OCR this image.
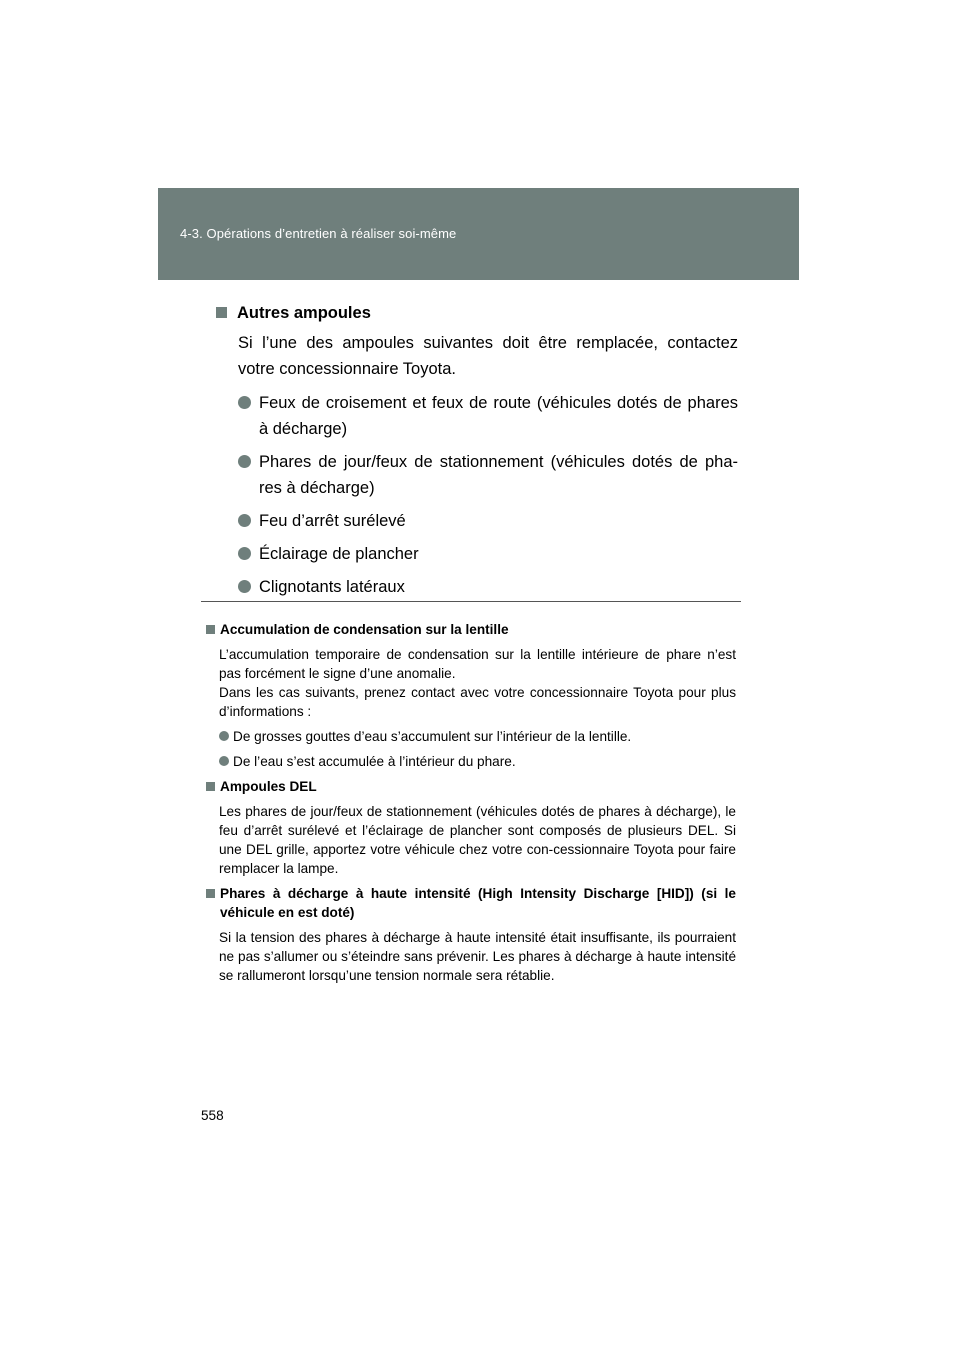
4-3. Opérations d’entretien à réaliser soi-même
Autres ampoules

Si l’une des ampoules suivantes doit être remplacée, contactez votre concessionnaire Toyota.

Feux de croisement et feux de route (véhicules dotés de phares à décharge)
Phares de jour/feux de stationnement (véhicules dotés de pha-res à décharge)
Feu d’arrêt surélevé
Éclairage de plancher
Clignotants latéraux
Accumulation de condensation sur la lentille

L’accumulation temporaire de condensation sur la lentille intérieure de phare n’est pas forcément le signe d’une anomalie.

Dans les cas suivants, prenez contact avec votre concessionnaire Toyota pour plus d’informations :

De grosses gouttes d’eau s’accumulent sur l’intérieur de la lentille.
De l’eau s’est accumulée à l’intérieur du phare.
Ampoules DEL

Les phares de jour/feux de stationnement (véhicules dotés de phares à décharge), le feu d’arrêt surélevé et l’éclairage de plancher sont composés de plusieurs DEL. Si une DEL grille, apportez votre véhicule chez votre con-cessionnaire Toyota pour faire remplacer la lampe.

Phares à décharge à haute intensité (High Intensity Discharge [HID]) (si le véhicule en est doté)

Si la tension des phares à décharge à haute intensité était insuffisante, ils pourraient ne pas s’allumer ou s’éteindre sans prévenir. Les phares à décharge à haute intensité se rallumeront lorsqu’une tension normale sera rétablie.

558
